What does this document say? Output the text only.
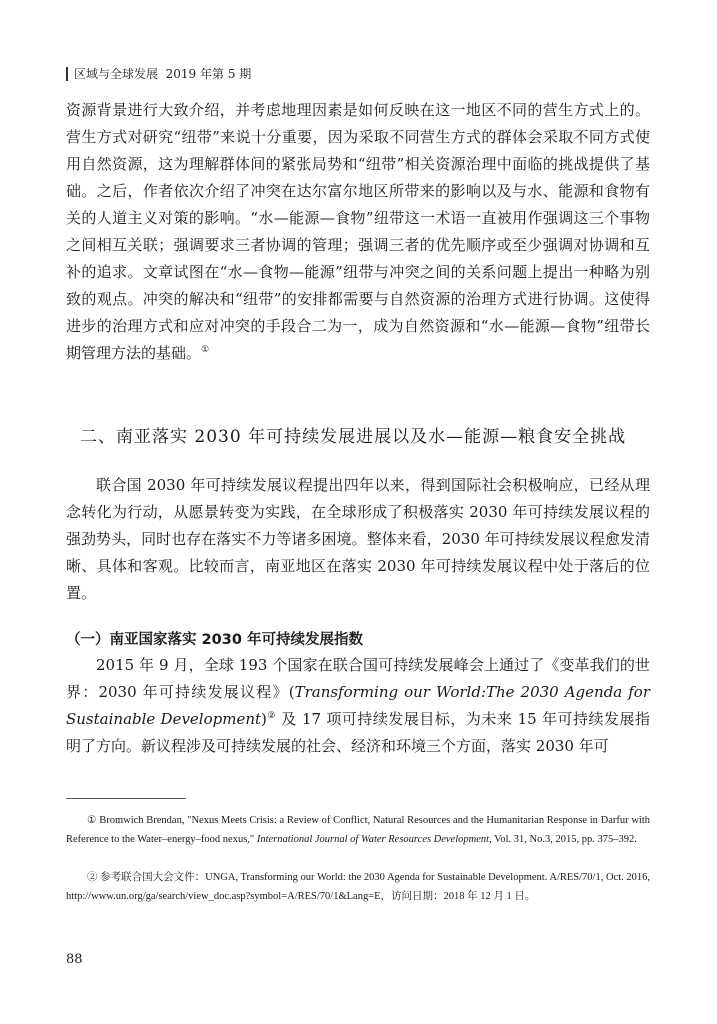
区域与全球发展 2019 年第 5 期

资源背景进行大致介绍，并考虑地理因素是如何反映在这一地区不同的营生方式上的。营生方式对研究“纽带”来说十分重要，因为采取不同营生方式的群体会采取不同方式使用自然资源，这为理解群体间的紧张局势和“纽带”相关资源治理中面临的挑战提供了基础。之后，作者依次介绍了冲突在达尔富尔地区所带来的影响以及与水、能源和食物有关的人道主义对策的影响。“水—能源—食物”纽带这一术语一直被用作强调这三个事物之间相互关联；强调要求三者协调的管理；强调三者的优先顺序或至少强调对协调和互补的追求。文章试图在“水—食物—能源”纽带与冲突之间的关系问题上提出一种略为别致的观点。冲突的解决和“纽带”的安排都需要与自然资源的治理方式进行协调。这使得进步的治理方式和应对冲突的手段合二为一，成为自然资源和“水—能源—食物”纽带长期管理方法的基础。①

二、南亚落实 2030 年可持续发展进展以及水—能源—粮食安全挑战

联合国 2030 年可持续发展议程提出四年以来，得到国际社会积极响应，已经从理念转化为行动，从愿景转变为实践，在全球形成了积极落实 2030 年可持续发展议程的强劲势头，同时也存在落实不力等诸多困境。整体来看，2030 年可持续发展议程愈发清晰、具体和客观。比较而言，南亚地区在落实 2030 年可持续发展议程中处于落后的位置。

（一）南亚国家落实 2030 年可持续发展指数

2015 年 9 月，全球 193 个国家在联合国可持续发展峰会上通过了《变革我们的世界：2030 年可持续发展议程》(Transforming our World:The 2030 Agenda for Sustainable Development)② 及 17 项可持续发展目标，为未来 15 年可持续发展指明了方向。新议程涉及可持续发展的社会、经济和环境三个方面，落实 2030 年可

① Bromwich Brendan, "Nexus Meets Crisis: a Review of Conflict, Natural Resources and the Humanitarian Response in Darfur with Reference to the Water–energy–food nexus," International Journal of Water Resources Development, Vol. 31, No.3, 2015, pp. 375–392.

② 参考联合国大会文件：UNGA, Transforming our World: the 2030 Agenda for Sustainable Development. A/RES/70/1, Oct. 2016, http://www.un.org/ga/search/view_doc.asp?symbol=A/RES/70/1&Lang=E，访问日期：2018 年 12 月 1 日。

88
